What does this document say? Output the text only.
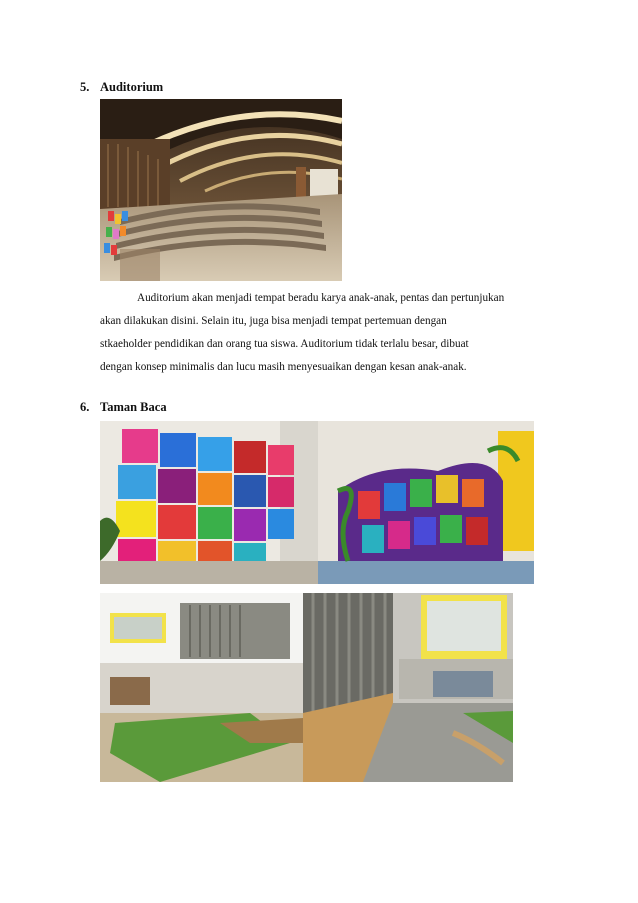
5. Auditorium
Auditorium akan menjadi tempat beradu karya anak-anak, pentas dan pertunjukan
akan dilakukan disini. Selain itu, juga bisa menjadi tempat pertemuan dengan
stkaeholder pendidikan dan orang tua siswa. Auditorium tidak terlalu besar, dibuat
dengan konsep minimalis dan lucu masih menyesuaikan dengan kesan anak-anak.
6. Taman Baca
